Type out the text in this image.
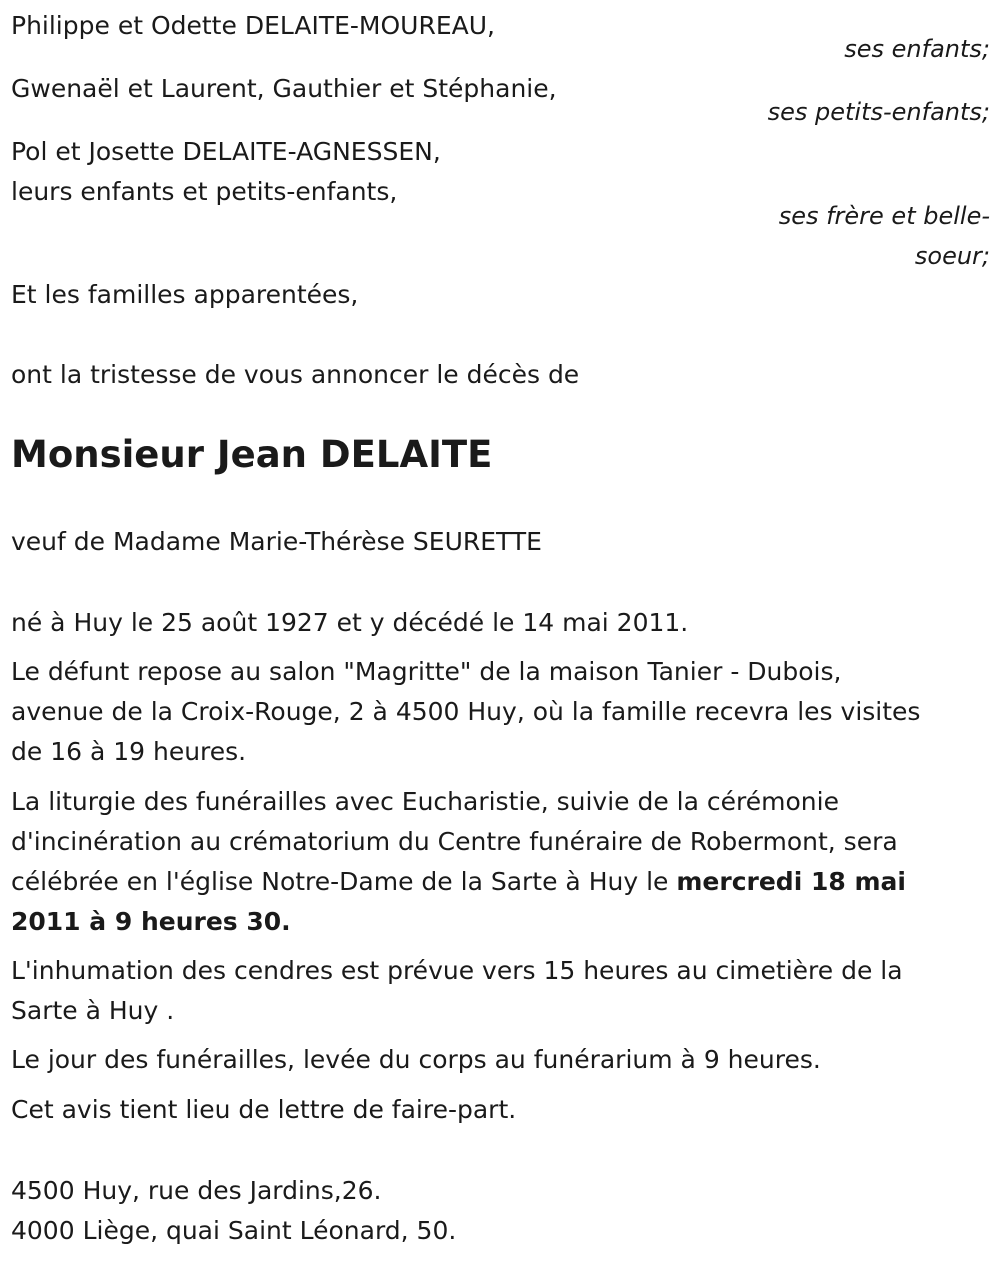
Philippe et Odette DELAITE-MOUREAU,
ses enfants;
Gwenaël et Laurent, Gauthier et Stéphanie,
ses petits-enfants;
Pol et Josette DELAITE-AGNESSEN,
leurs enfants et petits-enfants,
ses frère et belle-
soeur;
Et les familles apparentées,
ont la tristesse de vous annoncer le décès de
Monsieur Jean DELAITE
veuf de Madame Marie-Thérèse SEURETTE
né à Huy le 25 août 1927 et y décédé le 14 mai 2011.
Le défunt repose au salon "Magritte" de la maison Tanier - Dubois,
avenue de la Croix-Rouge, 2 à 4500 Huy, où la famille recevra les visites
de 16 à 19 heures.
La liturgie des funérailles avec Eucharistie, suivie de la cérémonie
d'incinération au crématorium du Centre funéraire de Robermont, sera
célébrée en l'église Notre-Dame de la Sarte à Huy le mercredi 18 mai
2011 à 9 heures 30.
L'inhumation des cendres est prévue vers 15 heures au cimetière de la
Sarte à Huy .
Le jour des funérailles, levée du corps au funérarium à 9 heures.
Cet avis tient lieu de lettre de faire-part.
4500 Huy, rue des Jardins,26.
4000 Liège, quai Saint Léonard, 50.
